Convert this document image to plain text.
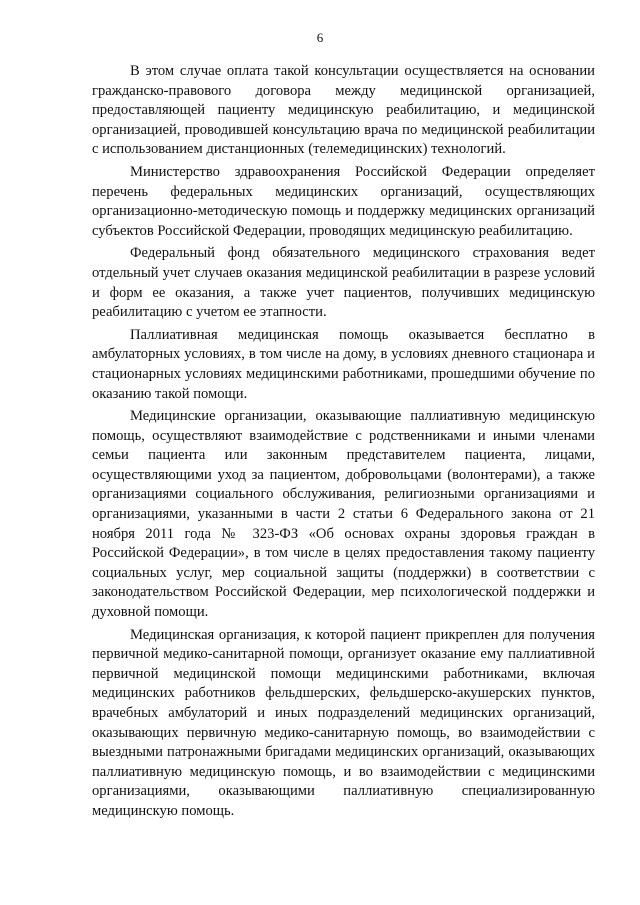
6

В этом случае оплата такой консультации осуществляется на основании гражданско-правового договора между медицинской организацией, предоставляющей пациенту медицинскую реабилитацию, и медицинской организацией, проводившей консультацию врача по медицинской реабилитации с использованием дистанционных (телемедицинских) технологий.

Министерство здравоохранения Российской Федерации определяет перечень федеральных медицинских организаций, осуществляющих организационно-методическую помощь и поддержку медицинских организаций субъектов Российской Федерации, проводящих медицинскую реабилитацию.

Федеральный фонд обязательного медицинского страхования ведет отдельный учет случаев оказания медицинской реабилитации в разрезе условий и форм ее оказания, а также учет пациентов, получивших медицинскую реабилитацию с учетом ее этапности.

Паллиативная медицинская помощь оказывается бесплатно в амбулаторных условиях, в том числе на дому, в условиях дневного стационара и стационарных условиях медицинскими работниками, прошедшими обучение по оказанию такой помощи.

Медицинские организации, оказывающие паллиативную медицинскую помощь, осуществляют взаимодействие с родственниками и иными членами семьи пациента или законным представителем пациента, лицами, осуществляющими уход за пациентом, добровольцами (волонтерами), а также организациями социального обслуживания, религиозными организациями и организациями, указанными в части 2 статьи 6 Федерального закона от 21 ноября 2011 года № 323-ФЗ «Об основах охраны здоровья граждан в Российской Федерации», в том числе в целях предоставления такому пациенту социальных услуг, мер социальной защиты (поддержки) в соответствии с законодательством Российской Федерации, мер психологической поддержки и духовной помощи.

Медицинская организация, к которой пациент прикреплен для получения первичной медико-санитарной помощи, организует оказание ему паллиативной первичной медицинской помощи медицинскими работниками, включая медицинских работников фельдшерских, фельдшерско-акушерских пунктов, врачебных амбулаторий и иных подразделений медицинских организаций, оказывающих первичную медико-санитарную помощь, во взаимодействии с выездными патронажными бригадами медицинских организаций, оказывающих паллиативную медицинскую помощь, и во взаимодействии с медицинскими организациями, оказывающими паллиативную специализированную медицинскую помощь.
